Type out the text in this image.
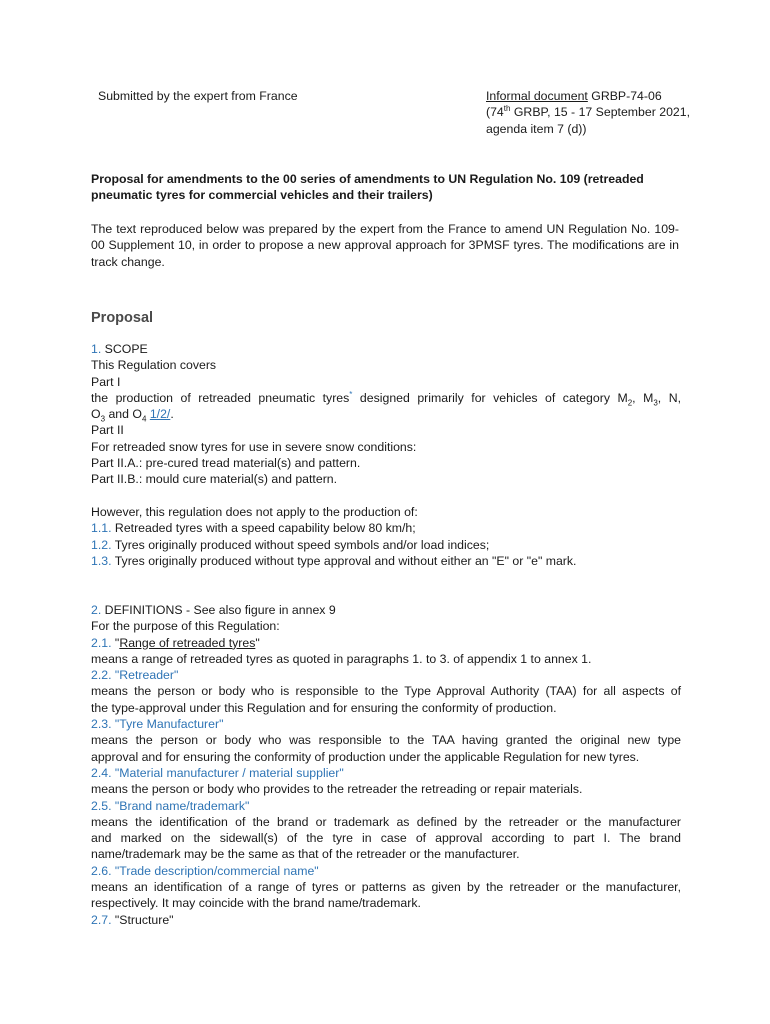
Submitted by the expert from France	Informal document GRBP-74-06
(74th GRBP, 15 - 17 September 2021,
agenda item 7 (d))
Proposal for amendments to the 00 series of amendments to UN Regulation No. 109 (retreaded pneumatic tyres for commercial vehicles and their trailers)
The text reproduced below was prepared by the expert from the France to amend UN Regulation No. 109-00 Supplement 10, in order to propose a new approval approach for 3PMSF tyres. The modifications are in track change.
Proposal
1. SCOPE
This Regulation covers
Part I
the production of retreaded pneumatic tyres* designed primarily for vehicles of category $M_2$, $M_3$, N,
$O_3$ and $O_4$ 1/2/.
Part II
For retreaded snow tyres for use in severe snow conditions:
Part II.A.: pre-cured tread material(s) and pattern.
Part II.B.: mould cure material(s) and pattern.
However, this regulation does not apply to the production of:
1.1. Retreaded tyres with a speed capability below 80 km/h;
1.2. Tyres originally produced without speed symbols and/or load indices;
1.3. Tyres originally produced without type approval and without either an "E" or "e" mark.
2. DEFINITIONS - See also figure in annex 9
For the purpose of this Regulation:
2.1. "Range of retreaded tyres"
means a range of retreaded tyres as quoted in paragraphs 1. to 3. of appendix 1 to annex 1.
2.2. "Retreader"
means the person or body who is responsible to the Type Approval Authority (TAA) for all aspects of
the type-approval under this Regulation and for ensuring the conformity of production.
2.3. "Tyre Manufacturer"
means the person or body who was responsible to the TAA having granted the original new type
approval and for ensuring the conformity of production under the applicable Regulation for new tyres.
2.4. "Material manufacturer / material supplier"
means the person or body who provides to the retreader the retreading or repair materials.
2.5. "Brand name/trademark"
means the identification of the brand or trademark as defined by the retreader or the manufacturer
and marked on the sidewall(s) of the tyre in case of approval according to part I. The brand
name/trademark may be the same as that of the retreader or the manufacturer.
2.6. "Trade description/commercial name"
means an identification of a range of tyres or patterns as given by the retreader or the manufacturer,
respectively. It may coincide with the brand name/trademark.
2.7. "Structure"
